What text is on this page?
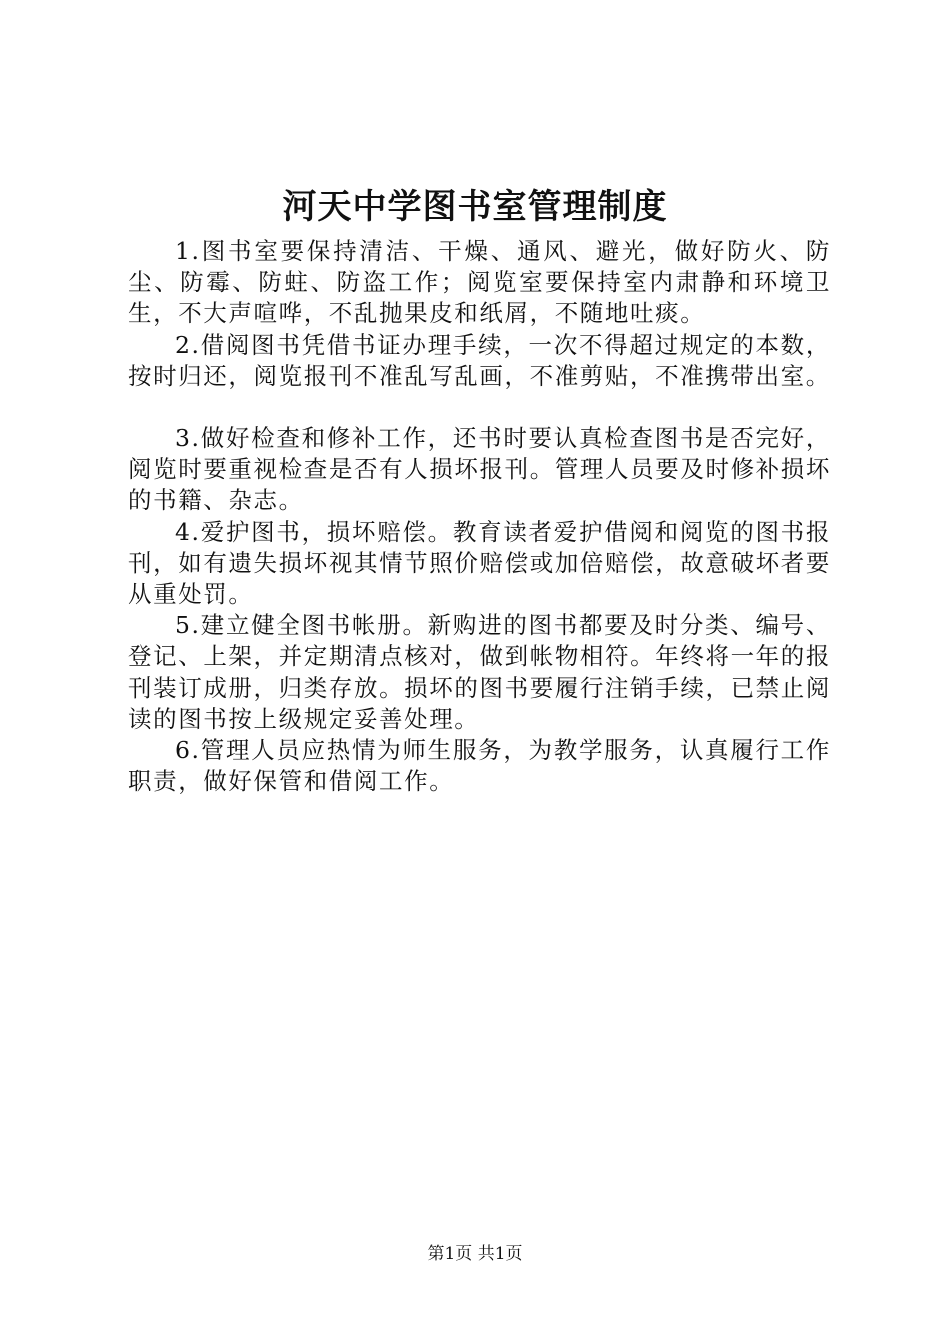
河天中学图书室管理制度

1.图书室要保持清洁、干燥、通风、避光，做好防火、防尘、防霉、防蛀、防盗工作；阅览室要保持室内肃静和环境卫生，不大声喧哗，不乱抛果皮和纸屑，不随地吐痰。

2.借阅图书凭借书证办理手续，一次不得超过规定的本数，按时归还，阅览报刊不准乱写乱画，不准剪贴，不准携带出室。

3.做好检查和修补工作，还书时要认真检查图书是否完好，阅览时要重视检查是否有人损坏报刊。管理人员要及时修补损坏的书籍、杂志。

4.爱护图书，损坏赔偿。教育读者爱护借阅和阅览的图书报刊，如有遗失损坏视其情节照价赔偿或加倍赔偿，故意破坏者要从重处罚。

5.建立健全图书帐册。新购进的图书都要及时分类、编号、登记、上架，并定期清点核对，做到帐物相符。年终将一年的报刊装订成册，归类存放。损坏的图书要履行注销手续，已禁止阅读的图书按上级规定妥善处理。

6.管理人员应热情为师生服务，为教学服务，认真履行工作职责，做好保管和借阅工作。

第1页 共1页
